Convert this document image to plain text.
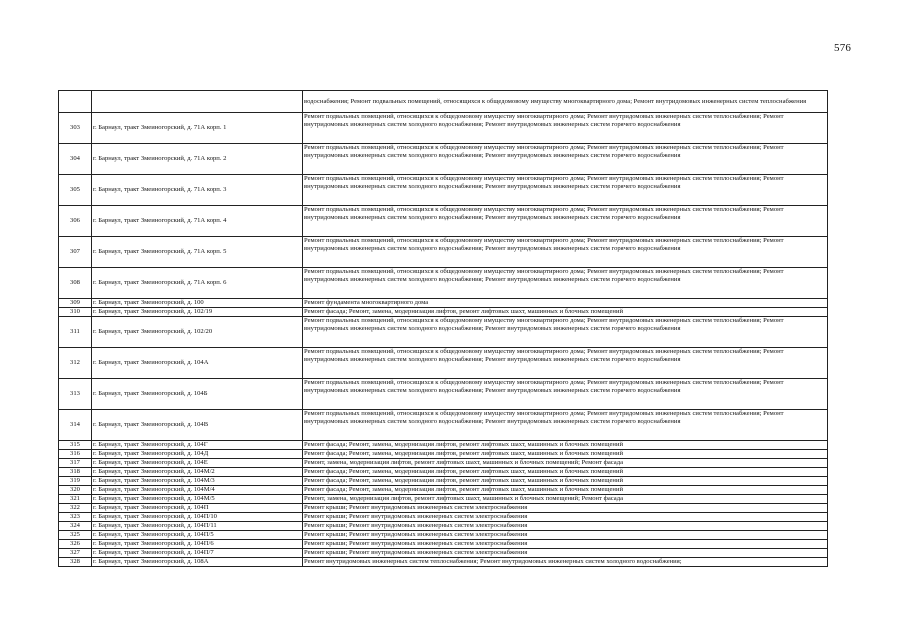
576
		водоснабжения; Ремонт подвальных помещений, относящихся к общедомовому имуществу многоквартирного дома; Ремонт внутридомовых инженерных систем теплоснабжения
303	г. Барнаул, тракт Змеиногорский, д. 71А корп. 1	Ремонт подвальных помещений, относящихся к общедомовому имуществу многоквартирного дома; Ремонт внутридомовых инженерных систем теплоснабжения; Ремонт внутридомовых инженерных систем холодного водоснабжения; Ремонт внутридомовых инженерных систем горячего водоснабжения
304	г. Барнаул, тракт Змеиногорский, д. 71А корп. 2	Ремонт подвальных помещений, относящихся к общедомовому имуществу многоквартирного дома; Ремонт внутридомовых инженерных систем теплоснабжения; Ремонт внутридомовых инженерных систем холодного водоснабжения; Ремонт внутридомовых инженерных систем горячего водоснабжения
305	г. Барнаул, тракт Змеиногорский, д. 71А корп. 3	Ремонт подвальных помещений, относящихся к общедомовому имуществу многоквартирного дома; Ремонт внутридомовых инженерных систем теплоснабжения; Ремонт внутридомовых инженерных систем холодного водоснабжения; Ремонт внутридомовых инженерных систем горячего водоснабжения
306	г. Барнаул, тракт Змеиногорский, д. 71А корп. 4	Ремонт подвальных помещений, относящихся к общедомовому имуществу многоквартирного дома; Ремонт внутридомовых инженерных систем теплоснабжения; Ремонт внутридомовых инженерных систем холодного водоснабжения; Ремонт внутридомовых инженерных систем горячего водоснабжения
307	г. Барнаул, тракт Змеиногорский, д. 71А корп. 5	Ремонт подвальных помещений, относящихся к общедомовому имуществу многоквартирного дома; Ремонт внутридомовых инженерных систем теплоснабжения; Ремонт внутридомовых инженерных систем холодного водоснабжения; Ремонт внутридомовых инженерных систем горячего водоснабжения
308	г. Барнаул, тракт Змеиногорский, д. 71А корп. 6	Ремонт подвальных помещений, относящихся к общедомовому имуществу многоквартирного дома; Ремонт внутридомовых инженерных систем теплоснабжения; Ремонт внутридомовых инженерных систем холодного водоснабжения; Ремонт внутридомовых инженерных систем горячего водоснабжения
309	г. Барнаул, тракт Змеиногорский, д. 100	Ремонт фундамента многоквартирного дома
310	г. Барнаул, тракт Змеиногорский, д. 102/19	Ремонт фасада; Ремонт, замена, модернизация лифтов, ремонт лифтовых шахт, машинных и блочных помещений
311	г. Барнаул, тракт Змеиногорский, д. 102/20	Ремонт подвальных помещений, относящихся к общедомовому имуществу многоквартирного дома; Ремонт внутридомовых инженерных систем теплоснабжения; Ремонт внутридомовых инженерных систем холодного водоснабжения; Ремонт внутридомовых инженерных систем горячего водоснабжения
312	г. Барнаул, тракт Змеиногорский, д. 104А	Ремонт подвальных помещений, относящихся к общедомовому имуществу многоквартирного дома; Ремонт внутридомовых инженерных систем теплоснабжения; Ремонт внутридомовых инженерных систем холодного водоснабжения; Ремонт внутридомовых инженерных систем горячего водоснабжения
313	г. Барнаул, тракт Змеиногорский, д. 104Б	Ремонт подвальных помещений, относящихся к общедомовому имуществу многоквартирного дома; Ремонт внутридомовых инженерных систем теплоснабжения; Ремонт внутридомовых инженерных систем холодного водоснабжения; Ремонт внутридомовых инженерных систем горячего водоснабжения
314	г. Барнаул, тракт Змеиногорский, д. 104В	Ремонт подвальных помещений, относящихся к общедомовому имуществу многоквартирного дома; Ремонт внутридомовых инженерных систем теплоснабжения; Ремонт внутридомовых инженерных систем холодного водоснабжения; Ремонт внутридомовых инженерных систем горячего водоснабжения
315	г. Барнаул, тракт Змеиногорский, д. 104Г	Ремонт фасада; Ремонт, замена, модернизация лифтов, ремонт лифтовых шахт, машинных и блочных помещений
316	г. Барнаул, тракт Змеиногорский, д. 104Д	Ремонт фасада; Ремонт, замена, модернизация лифтов, ремонт лифтовых шахт, машинных и блочных помещений
317	г. Барнаул, тракт Змеиногорский, д. 104Е	Ремонт, замена, модернизация лифтов, ремонт лифтовых шахт, машинных и блочных помещений; Ремонт фасада
318	г. Барнаул, тракт Змеиногорский, д. 104М/2	Ремонт фасада; Ремонт, замена, модернизация лифтов, ремонт лифтовых шахт, машинных и блочных помещений
319	г. Барнаул, тракт Змеиногорский, д. 104М/3	Ремонт фасада; Ремонт, замена, модернизация лифтов, ремонт лифтовых шахт, машинных и блочных помещений
320	г. Барнаул, тракт Змеиногорский, д. 104М/4	Ремонт фасада; Ремонт, замена, модернизация лифтов, ремонт лифтовых шахт, машинных и блочных помещений
321	г. Барнаул, тракт Змеиногорский, д. 104М/5	Ремонт, замена, модернизация лифтов, ремонт лифтовых шахт, машинных и блочных помещений; Ремонт фасада
322	г. Барнаул, тракт Змеиногорский, д. 104П	Ремонт крыши; Ремонт внутридомовых инженерных систем электроснабжения
323	г. Барнаул, тракт Змеиногорский, д. 104П/10	Ремонт крыши; Ремонт внутридомовых инженерных систем электроснабжения
324	г. Барнаул, тракт Змеиногорский, д. 104П/11	Ремонт крыши; Ремонт внутридомовых инженерных систем электроснабжения
325	г. Барнаул, тракт Змеиногорский, д. 104П/5	Ремонт крыши; Ремонт внутридомовых инженерных систем электроснабжения
326	г. Барнаул, тракт Змеиногорский, д. 104П/6	Ремонт крыши; Ремонт внутридомовых инженерных систем электроснабжения
327	г. Барнаул, тракт Змеиногорский, д. 104П/7	Ремонт крыши; Ремонт внутридомовых инженерных систем электроснабжения
328	г. Барнаул, тракт Змеиногорский, д. 108А	Ремонт внутридомовых инженерных систем теплоснабжения; Ремонт внутридомовых инженерных систем холодного водоснабжения;
